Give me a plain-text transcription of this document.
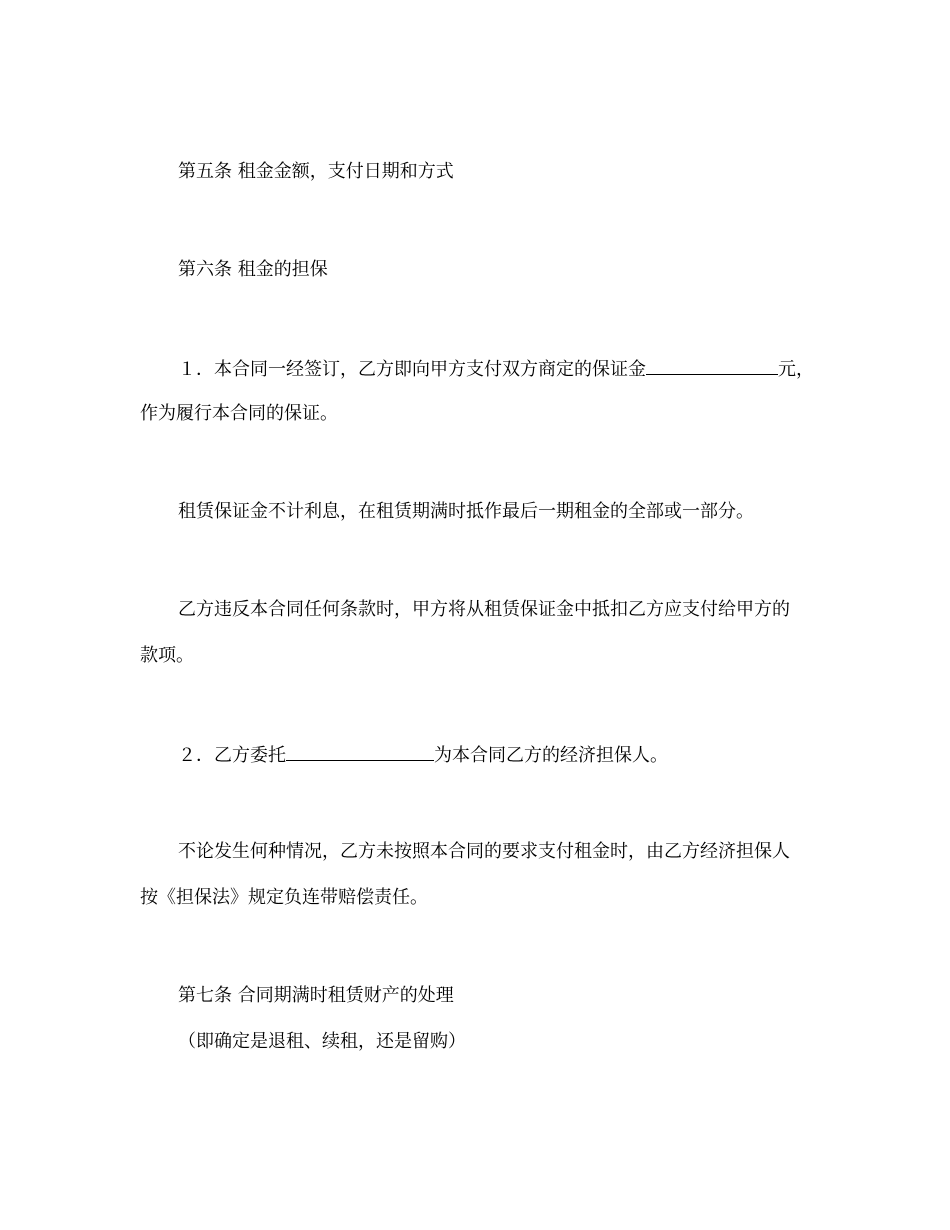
第五条 租金金额，支付日期和方式
第六条 租金的担保
１．本合同一经签订，乙方即向甲方支付双方商定的保证金	元，
作为履行本合同的保证。
租赁保证金不计利息，在租赁期满时抵作最后一期租金的全部或一部分。
乙方违反本合同任何条款时，甲方将从租赁保证金中抵扣乙方应支付给甲方的
款项。
２．乙方委托	为本合同乙方的经济担保人。
不论发生何种情况，乙方未按照本合同的要求支付租金时，由乙方经济担保人
按《担保法》规定负连带赔偿责任。
第七条 合同期满时租赁财产的处理
（即确定是退租、续租，还是留购）
